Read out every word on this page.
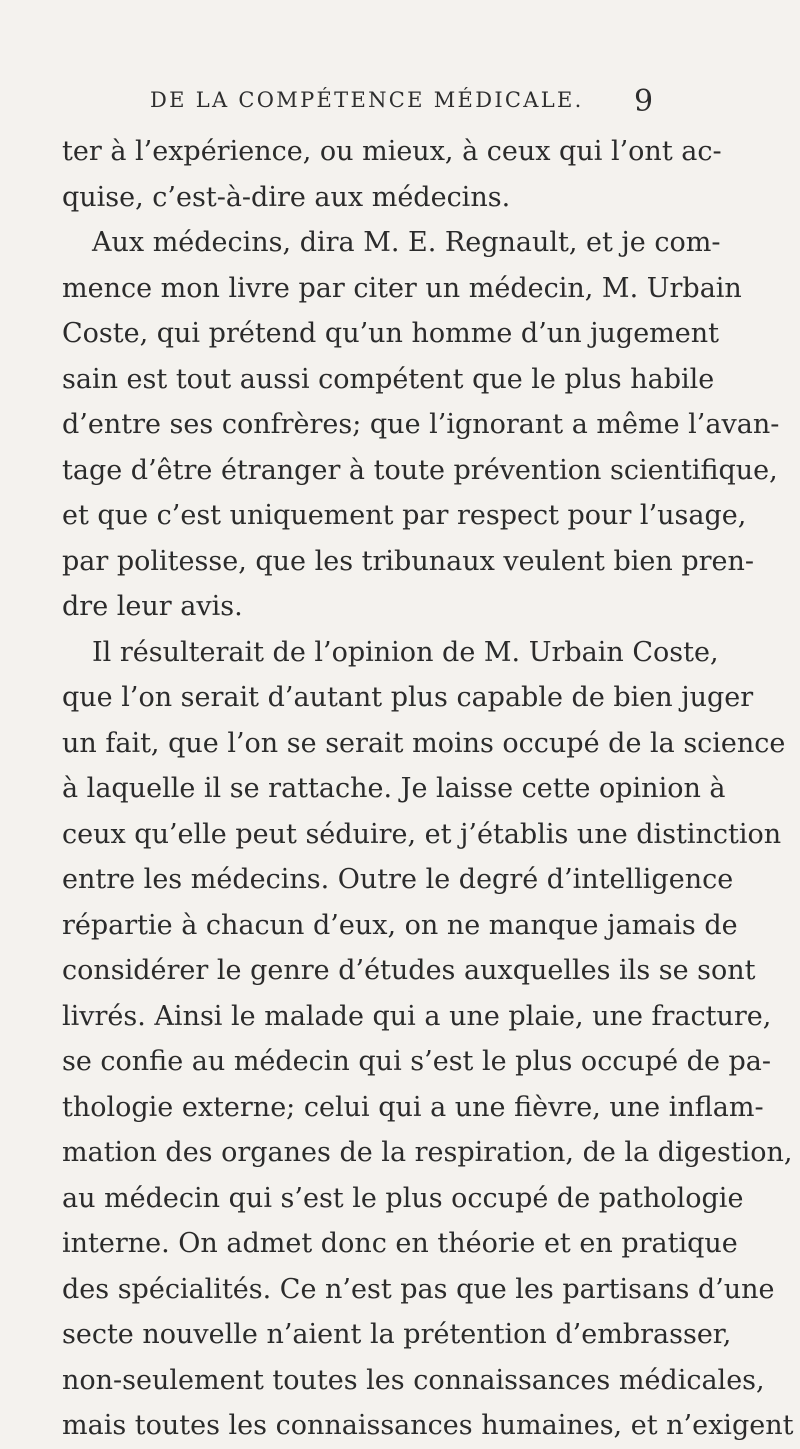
DE LA COMPÉTENCE MÉDICALE. 9
ter à l’expérience, ou mieux, à ceux qui l’ont ac-
quise, c’est-à-dire aux médecins.
Aux médecins, dira M. E. Regnault, et je com-
mence mon livre par citer un médecin, M. Urbain
Coste, qui prétend qu’un homme d’un jugement
sain est tout aussi compétent que le plus habile
d’entre ses confrères; que l’ignorant a même l’avan-
tage d’être étranger à toute prévention scientifique,
et que c’est uniquement par respect pour l’usage,
par politesse, que les tribunaux veulent bien pren-
dre leur avis.
Il résulterait de l’opinion de M. Urbain Coste,
que l’on serait d’autant plus capable de bien juger
un fait, que l’on se serait moins occupé de la science
à laquelle il se rattache. Je laisse cette opinion à
ceux qu’elle peut séduire, et j’établis une distinction
entre les médecins. Outre le degré d’intelligence
répartie à chacun d’eux, on ne manque jamais de
considérer le genre d’études auxquelles ils se sont
livrés. Ainsi le malade qui a une plaie, une fracture,
se confie au médecin qui s’est le plus occupé de pa-
thologie externe; celui qui a une fièvre, une inflam-
mation des organes de la respiration, de la digestion,
au médecin qui s’est le plus occupé de pathologie
interne. On admet donc en théorie et en pratique
des spécialités. Ce n’est pas que les partisans d’une
secte nouvelle n’aient la prétention d’embrasser,
non-seulement toutes les connaissances médicales,
mais toutes les connaissances humaines, et n’exigent
